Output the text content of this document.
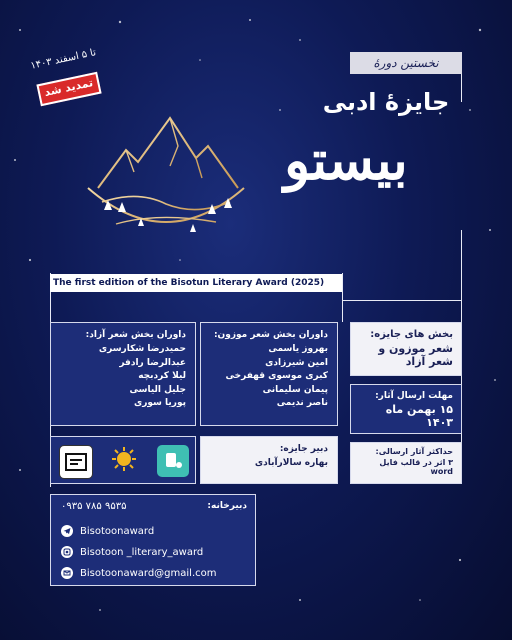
تا ۵ اسفند ۱۴۰۳
تمدید شد
نخستین دورهٔ
جایزهٔ ادبی
بیستو
The first edition of the Bisotun Literary Award (2025)
داوران بخش شعر آزاد:
حمیدرضا شکارسری
عبدالرضا رادفر
لیلا کردبچه
جلیل الیاسی
پوریا سوری
داوران بخش شعر موزون:
بهروز یاسمی
امین شیرزادی
کبری موسوی قهفرخی
پیمان سلیمانی
ناصر ندیمی
بخش های جایزه:
شعر موزون و شعر آزاد
مهلت ارسال آثار:
۱۵ بهمن ماه ۱۴۰۳
دبیر جایزه:
بهاره سالارآبادی
حداکثر آثار ارسالی:
۳ اثر در قالب فایل word
دبیرخانه:
۰۹۳۵ ۷۸۵ ۹۵۳۵
Bisotoonaward
Bisotoon _literary_award
Bisotoonaward@gmail.com
